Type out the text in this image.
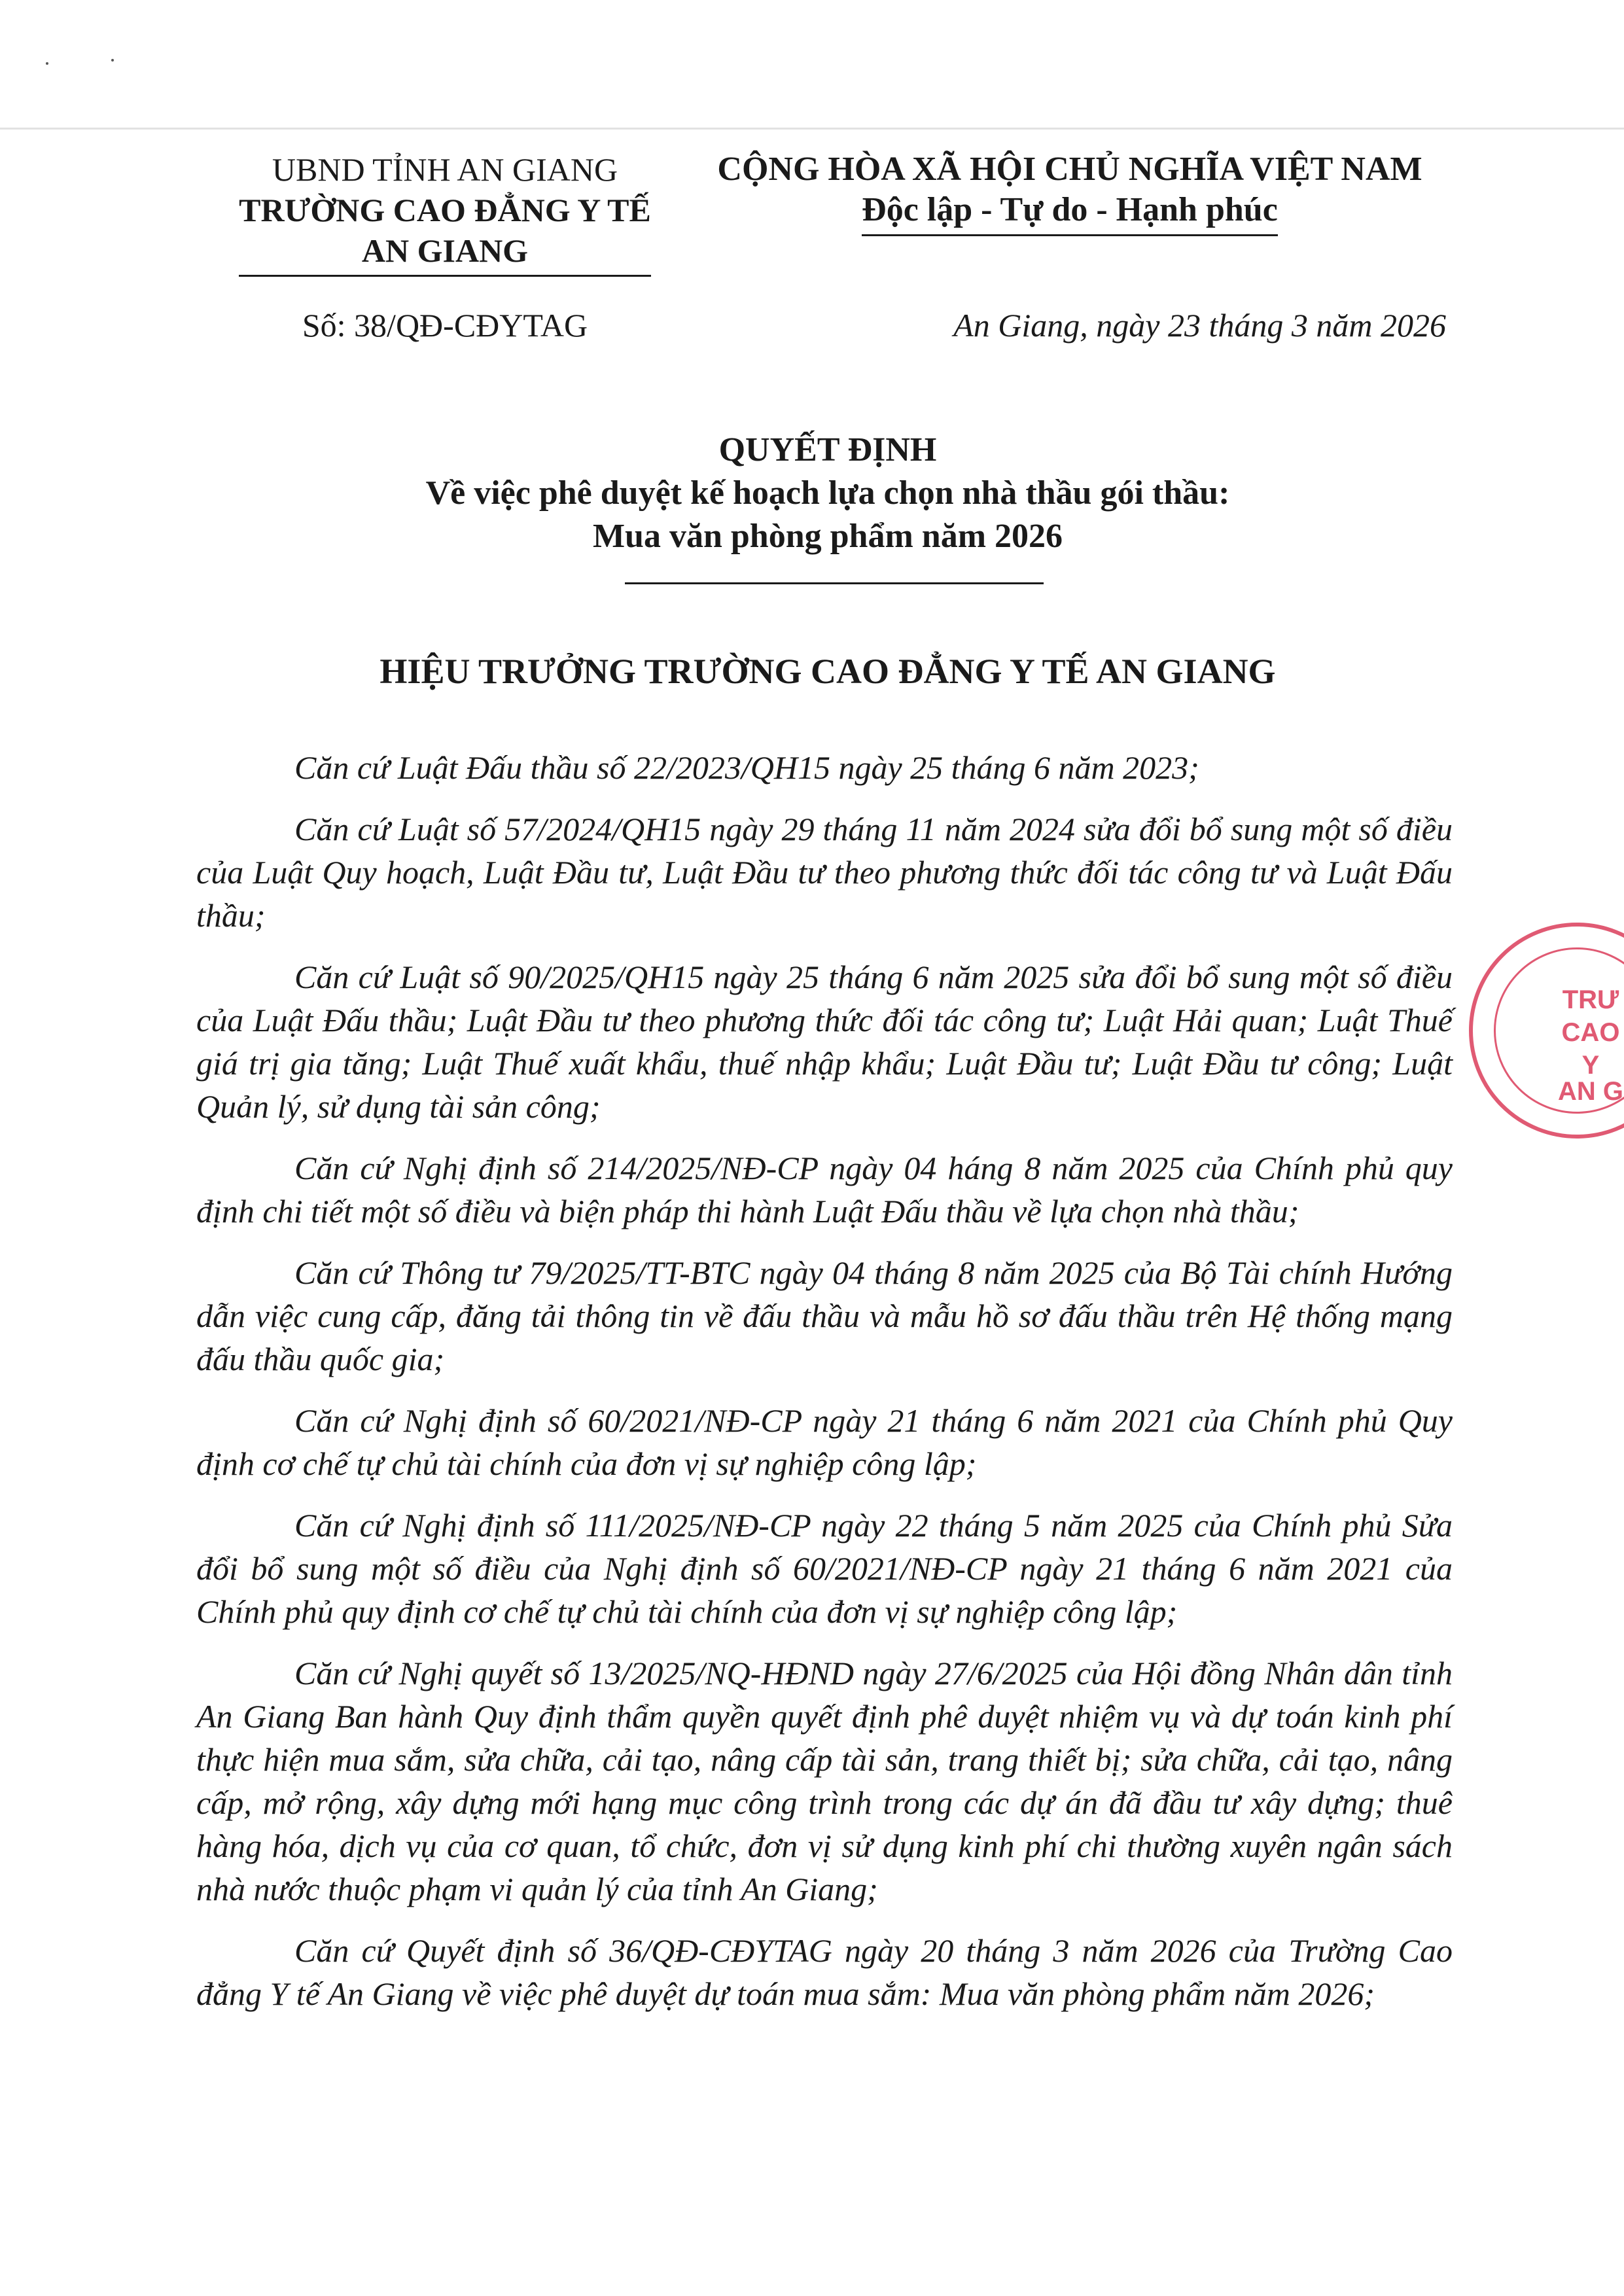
UBND TỈNH AN GIANG
TRƯỜNG CAO ĐẲNG Y TẾ
AN GIANG
CỘNG HÒA XÃ HỘI CHỦ NGHĨA VIỆT NAM
Độc lập - Tự do - Hạnh phúc
Số: 38/QĐ-CĐYTAG	An Giang, ngày 23 tháng 3 năm 2026
QUYẾT ĐỊNH
Về việc phê duyệt kế hoạch lựa chọn nhà thầu gói thầu:
Mua văn phòng phẩm năm 2026
HIỆU TRƯỞNG TRƯỜNG CAO ĐẲNG Y TẾ AN GIANG

Căn cứ Luật Đấu thầu số 22/2023/QH15 ngày 25 tháng 6 năm 2023;

Căn cứ Luật số 57/2024/QH15 ngày 29 tháng 11 năm 2024 sửa đổi bổ sung một số điều của Luật Quy hoạch, Luật Đầu tư, Luật Đầu tư theo phương thức đối tác công tư và Luật Đấu thầu;

Căn cứ Luật số 90/2025/QH15 ngày 25 tháng 6 năm 2025 sửa đổi bổ sung một số điều của Luật Đấu thầu; Luật Đầu tư theo phương thức đối tác công tư; Luật Hải quan; Luật Thuế giá trị gia tăng; Luật Thuế xuất khẩu, thuế nhập khẩu; Luật Đầu tư; Luật Đầu tư công; Luật Quản lý, sử dụng tài sản công;

Căn cứ Nghị định số 214/2025/NĐ-CP ngày 04 háng 8 năm 2025 của Chính phủ quy định chi tiết một số điều và biện pháp thi hành Luật Đấu thầu về lựa chọn nhà thầu;

Căn cứ Thông tư 79/2025/TT-BTC ngày 04 tháng 8 năm 2025 của Bộ Tài chính Hướng dẫn việc cung cấp, đăng tải thông tin về đấu thầu và mẫu hồ sơ đấu thầu trên Hệ thống mạng đấu thầu quốc gia;

Căn cứ Nghị định số 60/2021/NĐ-CP ngày 21 tháng 6 năm 2021 của Chính phủ Quy định cơ chế tự chủ tài chính của đơn vị sự nghiệp công lập;

Căn cứ Nghị định số 111/2025/NĐ-CP ngày 22 tháng 5 năm 2025 của Chính phủ Sửa đổi bổ sung một số điều của Nghị định số 60/2021/NĐ-CP ngày 21 tháng 6 năm 2021 của Chính phủ quy định cơ chế tự chủ tài chính của đơn vị sự nghiệp công lập;

Căn cứ Nghị quyết số 13/2025/NQ-HĐND ngày 27/6/2025 của Hội đồng Nhân dân tỉnh An Giang Ban hành Quy định thẩm quyền quyết định phê duyệt nhiệm vụ và dự toán kinh phí thực hiện mua sắm, sửa chữa, cải tạo, nâng cấp tài sản, trang thiết bị; sửa chữa, cải tạo, nâng cấp, mở rộng, xây dựng mới hạng mục công trình trong các dự án đã đầu tư xây dựng; thuê hàng hóa, dịch vụ của cơ quan, tổ chức, đơn vị sử dụng kinh phí chi thường xuyên ngân sách nhà nước thuộc phạm vi quản lý của tỉnh An Giang;

Căn cứ Quyết định số 36/QĐ-CĐYTAG ngày 20 tháng 3 năm 2026 của Trường Cao đẳng Y tế An Giang về việc phê duyệt dự toán mua sắm: Mua văn phòng phẩm năm 2026;

TRƯ
CAO
Y
AN G
